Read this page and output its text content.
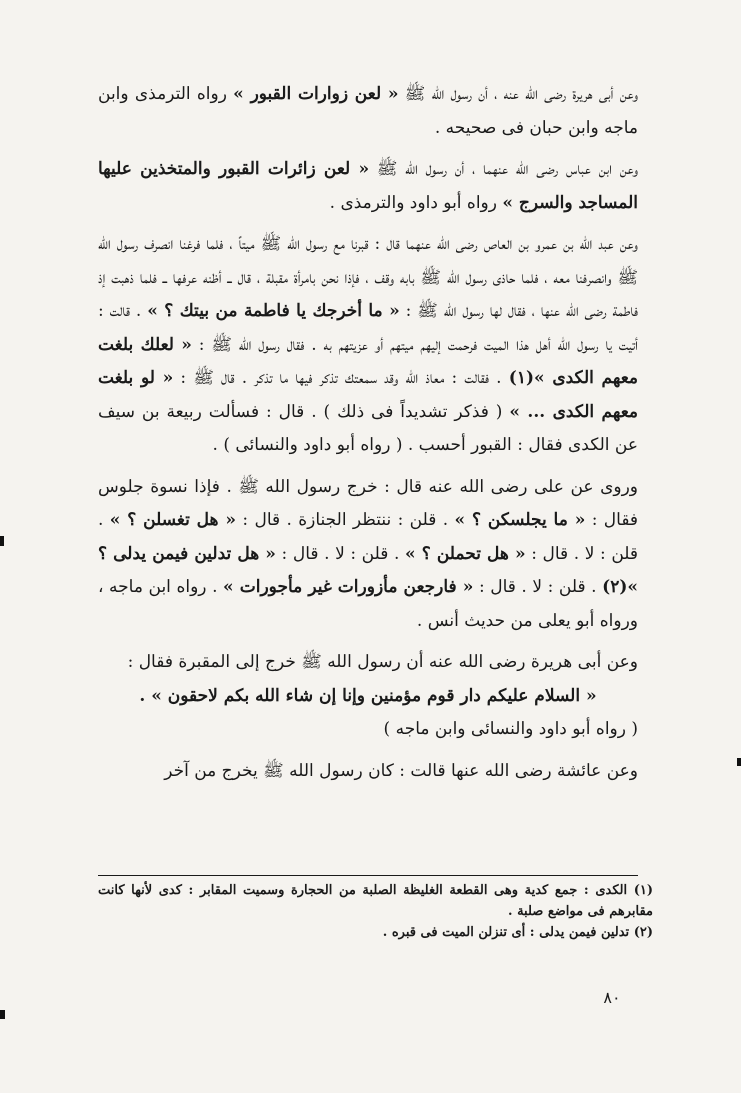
وعن أبى هريرة رضى الله عنه ، أن رسول الله ﷺ « لعن زوارات القبور » رواه الترمذى وابن ماجه وابن حبان فى صحيحه .

وعن ابن عباس رضى الله عنهما ، أن رسول الله ﷺ « لعن زائرات القبور والمتخذين عليها المساجد والسرج » رواه أبو داود والترمذى .

وعن عبد الله بن عمرو بن العاص رضى الله عنهما قال : قبرنا مع رسول الله ﷺ ميتاً ، فلما فرغنا انصرف رسول الله ﷺ وانصرفنا معه ، فلما حاذى رسول الله ﷺ بابه وقف ، فإذا نحن بامرأة مقبلة ، قال ــ أظنه عرفها ــ فلما ذهبت إذ فاطمة رضى الله عنها ، فقال لها رسول الله ﷺ : « ما أخرجك يا فاطمة من بيتك ؟ » . قالت : أتيت يا رسول الله أهل هذا الميت فرحمت إليهم ميتهم أو عزيتهم به . فقال رسول الله ﷺ : « لعلك بلغت معهم الكدى »(١) . فقالت : معاذ الله وقد سمعتك تذكر فيها ما تذكر . قال ﷺ : « لو بلغت معهم الكدى ... » ( فذكر تشديداً فى ذلك ) . قال : فسألت ربيعة بن سيف عن الكدى فقال : القبور أحسب . ( رواه أبو داود والنسائى ) .

وروى عن على رضى الله عنه قال : خرج رسول الله ﷺ . فإذا نسوة جلوس فقال : « ما يجلسكن ؟ » . قلن : ننتظر الجنازة . قال : « هل تغسلن ؟ » . قلن : لا . قال : « هل تحملن ؟ » . قلن : لا . قال : « هل تدلين فيمن يدلى ؟ »(٢) . قلن : لا . قال : « فارجعن مأزورات غير مأجورات » . رواه ابن ماجه ، ورواه أبو يعلى من حديث أنس .

وعن أبى هريرة رضى الله عنه أن رسول الله ﷺ خرج إلى المقبرة فقال :

« السلام عليكم دار قوم مؤمنين وإنا إن شاء الله بكم لاحقون » .

( رواه أبو داود والنسائى وابن ماجه )

وعن عائشة رضى الله عنها قالت : كان رسول الله ﷺ يخرج من آخر

(١) الكدى : جمع كدية وهى القطعة الغليظة الصلبة من الحجارة وسميت المقابر : كدى لأنها كانت مقابرهم فى مواضع صلبة .

(٢) تدلين فيمن يدلى : أى تنزلن الميت فى قبره .

٨٠
